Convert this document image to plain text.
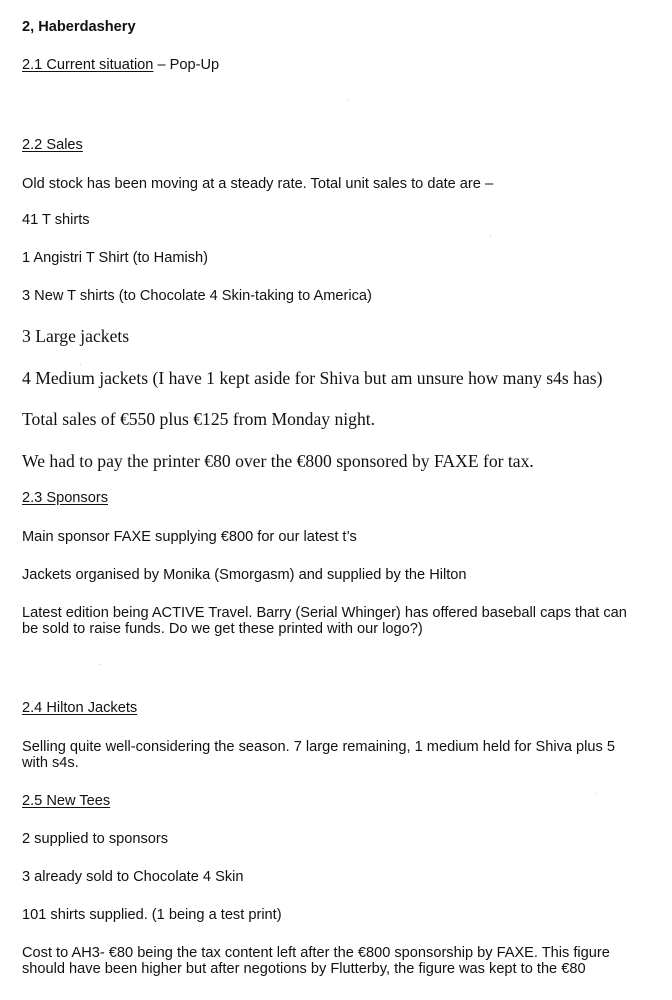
2, Haberdashery

2.1 Current situation – Pop-Up

2.2 Sales

Old stock has been moving at a steady rate. Total unit sales to date are –

41 T shirts

1 Angistri T Shirt (to Hamish)

3 New T shirts (to Chocolate 4 Skin-taking to America)

3 Large jackets

4 Medium jackets (I have 1 kept aside for Shiva but am unsure how many s4s has)

Total sales of €550 plus €125 from Monday night.

We had to pay the printer €80 over the €800 sponsored by FAXE for tax.

2.3 Sponsors

Main sponsor FAXE supplying €800 for our latest t’s

Jackets organised by Monika (Smorgasm) and supplied by the Hilton

Latest edition being ACTIVE Travel. Barry (Serial Whinger) has offered baseball caps that can be sold to raise funds. Do we get these printed with our logo?)

2.4 Hilton Jackets

Selling quite well-considering the season. 7 large remaining, 1 medium held for Shiva plus 5 with s4s.

2.5 New Tees

2 supplied to sponsors

3 already sold to Chocolate 4 Skin

101 shirts supplied. (1 being a test print)

Cost to AH3- €80 being the tax content left after the €800 sponsorship by FAXE. This figure should have been higher but after negotions by Flutterby, the figure was kept to the €80
